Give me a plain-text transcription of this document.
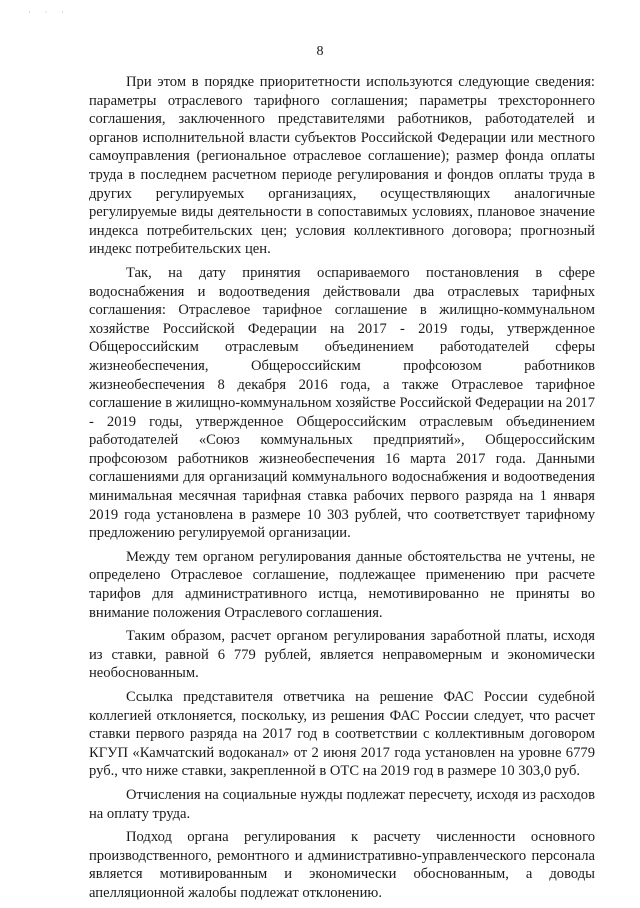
· · ·
8

При этом в порядке приоритетности используются следующие сведения: параметры отраслевого тарифного соглашения; параметры трехстороннего соглашения, заключенного представителями работников, работодателей и органов исполнительной власти субъектов Российской Федерации или местного самоуправления (региональное отраслевое соглашение); размер фонда оплаты труда в последнем расчетном периоде регулирования и фондов оплаты труда в других регулируемых организациях, осуществляющих аналогичные регулируемые виды деятельности в сопоставимых условиях, плановое значение индекса потребительских цен; условия коллективного договора; прогнозный индекс потребительских цен.

Так, на дату принятия оспариваемого постановления в сфере водоснабжения и водоотведения действовали два отраслевых тарифных соглашения: Отраслевое тарифное соглашение в жилищно-коммунальном хозяйстве Российской Федерации на 2017 - 2019 годы, утвержденное Общероссийским отраслевым объединением работодателей сферы жизнеобеспечения, Общероссийским профсоюзом работников жизнеобеспечения 8 декабря 2016 года, а также Отраслевое тарифное соглашение в жилищно-коммунальном хозяйстве Российской Федерации на 2017 - 2019 годы, утвержденное Общероссийским отраслевым объединением работодателей «Союз коммунальных предприятий», Общероссийским профсоюзом работников жизнеобеспечения 16 марта 2017 года. Данными соглашениями для организаций коммунального водоснабжения и водоотведения минимальная месячная тарифная ставка рабочих первого разряда на 1 января 2019 года установлена в размере 10 303 рублей, что соответствует тарифному предложению регулируемой организации.

Между тем органом регулирования данные обстоятельства не учтены, не определено Отраслевое соглашение, подлежащее применению при расчете тарифов для административного истца, немотивированно не приняты во внимание положения Отраслевого соглашения.

Таким образом, расчет органом регулирования заработной платы, исходя из ставки, равной 6 779 рублей, является неправомерным и экономически необоснованным.

Ссылка представителя ответчика на решение ФАС России судебной коллегией отклоняется, поскольку, из решения ФАС России следует, что расчет ставки первого разряда на 2017 год в соответствии с коллективным договором КГУП «Камчатский водоканал» от 2 июня 2017 года установлен на уровне 6779 руб., что ниже ставки, закрепленной в ОТС на 2019 год в размере 10 303,0 руб.

Отчисления на социальные нужды подлежат пересчету, исходя из расходов на оплату труда.

Подход органа регулирования к расчету численности основного производственного, ремонтного и административно-управленческого персонала является мотивированным и экономически обоснованным, а доводы апелляционной жалобы подлежат отклонению.
